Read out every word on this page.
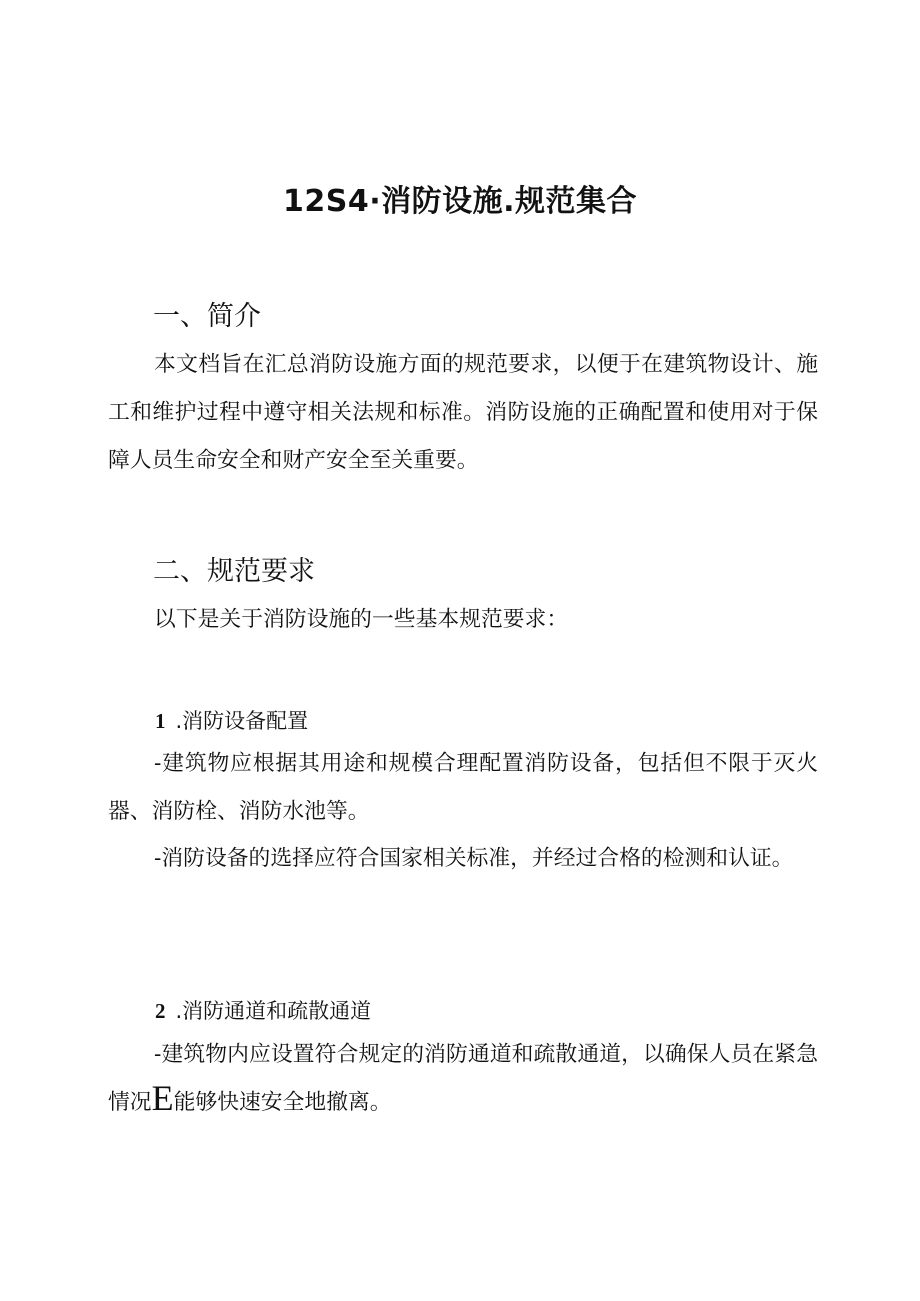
12S4·消防设施.规范集合
一、简介

本文档旨在汇总消防设施方面的规范要求，以便于在建筑物设计、施工和维护过程中遵守相关法规和标准。消防设施的正确配置和使用对于保障人员生命安全和财产安全至关重要。

二、规范要求

以下是关于消防设施的一些基本规范要求：

1 .消防设备配置

-建筑物应根据其用途和规模合理配置消防设备，包括但不限于灭火器、消防栓、消防水池等。

-消防设备的选择应符合国家相关标准，并经过合格的检测和认证。

2 .消防通道和疏散通道

-建筑物内应设置符合规定的消防通道和疏散通道，以确保人员在紧急情况E能够快速安全地撤离。
